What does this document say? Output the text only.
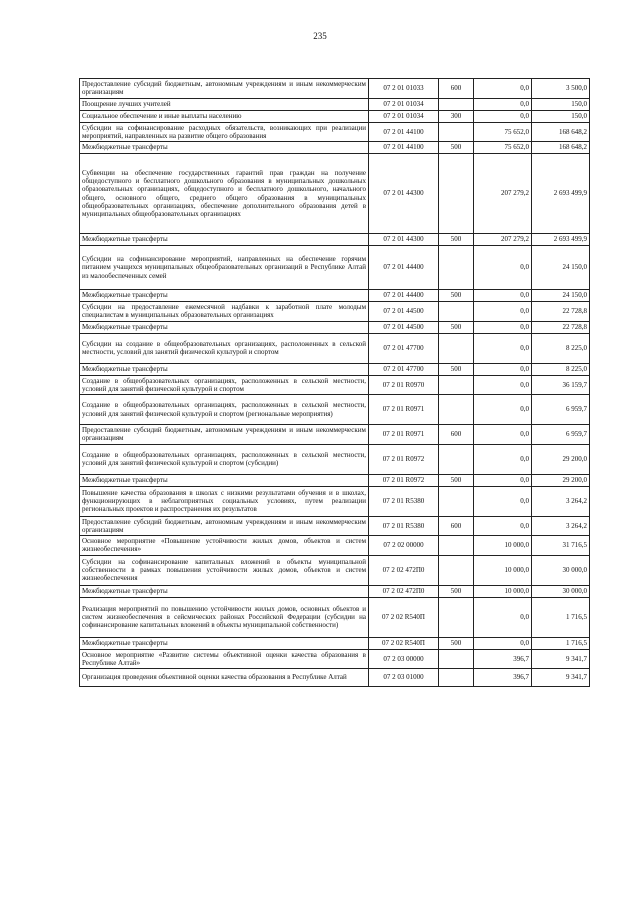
235
Предоставление субсидий бюджетным, автономным учреждениям и иным некоммерческим организациям	07 2 01 01033	600	0,0	3 500,0
Поощрение лучших учителей	07 2 01 01034		0,0	150,0
Социальное обеспечение и иные выплаты населению	07 2 01 01034	300	0,0	150,0
Субсидии на софинансирование расходных обязательств, возникающих при реализации мероприятий, направленных на развитие общего образования	07 2 01 44100		75 652,0	168 648,2
Межбюджетные трансферты	07 2 01 44100	500	75 652,0	168 648,2
Субвенции на обеспечение государственных гарантий прав граждан на получение общедоступного и бесплатного дошкольного образования в муниципальных дошкольных образовательных организациях, общедоступного и бесплатного дошкольного, начального общего, основного общего, среднего общего образования в муниципальных общеобразовательных организациях, обеспечение дополнительного образования детей в муниципальных общеобразовательных организациях	07 2 01 44300		207 279,2	2 693 499,9
Межбюджетные трансферты	07 2 01 44300	500	207 279,2	2 693 499,9
Субсидии на софинансирование мероприятий, направленных на обеспечение горячим питанием учащихся муниципальных общеобразовательных организаций в Республике Алтай из малообеспеченных семей	07 2 01 44400		0,0	24 150,0
Межбюджетные трансферты	07 2 01 44400	500	0,0	24 150,0
Субсидии на предоставление ежемесячной надбавки к заработной плате молодым специалистам в муниципальных образовательных организациях	07 2 01 44500		0,0	22 728,8
Межбюджетные трансферты	07 2 01 44500	500	0,0	22 728,8
Субсидии на создание в общеобразовательных организациях, расположенных в сельской местности, условий для занятий физической культурой и спортом	07 2 01 47700		0,0	8 225,0
Межбюджетные трансферты	07 2 01 47700	500	0,0	8 225,0
Создание в общеобразовательных организациях, расположенных в сельской местности, условий для занятий физической культурой и спортом	07 2 01 R0970		0,0	36 159,7
Создание в общеобразовательных организациях, расположенных в сельской местности, условий для занятий физической культурой и спортом (региональные мероприятия)	07 2 01 R0971		0,0	6 959,7
Предоставление субсидий бюджетным, автономным учреждениям и иным некоммерческим организациям	07 2 01 R0971	600	0,0	6 959,7
Создание в общеобразовательных организациях, расположенных в сельской местности, условий для занятий физической культурой и спортом (субсидии)	07 2 01 R0972		0,0	29 200,0
Межбюджетные трансферты	07 2 01 R0972	500	0,0	29 200,0
Повышение качества образования в школах с низкими результатами обучения и в школах, функционирующих в неблагоприятных социальных условиях, путем реализации региональных проектов и распространения их результатов	07 2 01 R5380		0,0	3 264,2
Предоставление субсидий бюджетным, автономным учреждениям и иным некоммерческим организациям	07 2 01 R5380	600	0,0	3 264,2
Основное мероприятие «Повышение устойчивости жилых домов, объектов и систем жизнеобеспечения»	07 2 02 00000		10 000,0	31 716,5
Субсидии на софинансирование капитальных вложений в объекты муниципальной собственности в рамках повышения устойчивости жилых домов, объектов и систем жизнеобеспечения	07 2 02 472П0		10 000,0	30 000,0
Межбюджетные трансферты	07 2 02 472П0	500	10 000,0	30 000,0
Реализация мероприятий по повышению устойчивости жилых домов, основных объектов и систем жизнеобеспечения в сейсмических районах Российской Федерации (субсидии на софинансирование капитальных вложений в объекты муниципальной собственности)	07 2 02 R540П		0,0	1 716,5
Межбюджетные трансферты	07 2 02 R540П	500	0,0	1 716,5
Основное мероприятие «Развитие системы объективной оценки качества образования в Республике Алтай»	07 2 03 00000		396,7	9 341,7
Организация проведения объективной оценки качества образования в Республике Алтай	07 2 03 01000		396,7	9 341,7
